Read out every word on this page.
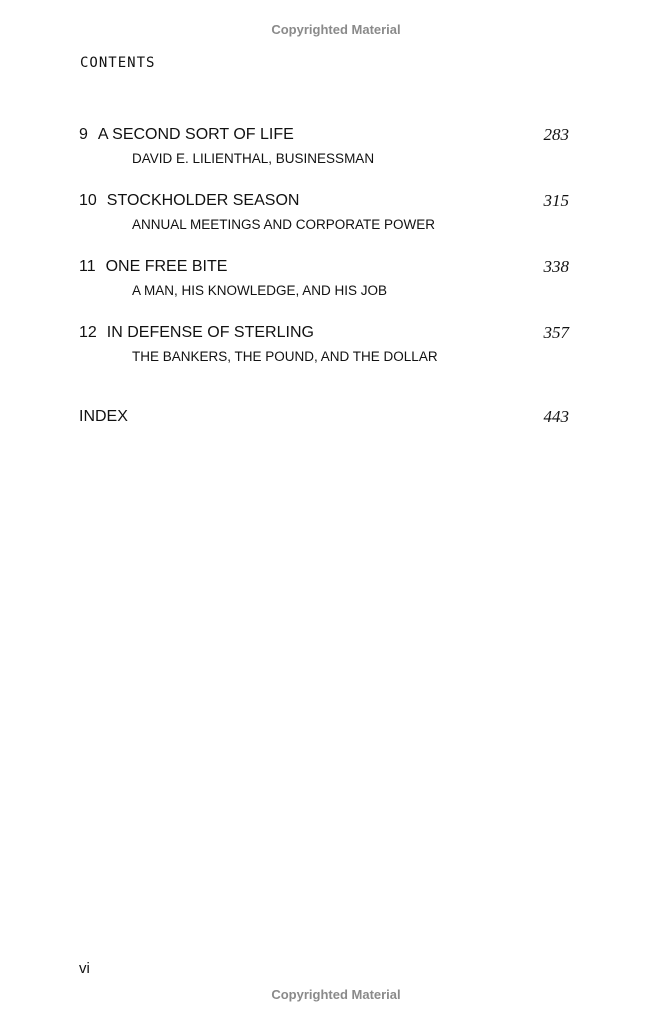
Copyrighted Material
CONTENTS
9 A SECOND SORT OF LIFE	283
DAVID E. LILIENTHAL, BUSINESSMAN
10 STOCKHOLDER SEASON	315
ANNUAL MEETINGS AND CORPORATE POWER
11 ONE FREE BITE	338
A MAN, HIS KNOWLEDGE, AND HIS JOB
12 IN DEFENSE OF STERLING	357
THE BANKERS, THE POUND, AND THE DOLLAR
INDEX	443
vi
Copyrighted Material
